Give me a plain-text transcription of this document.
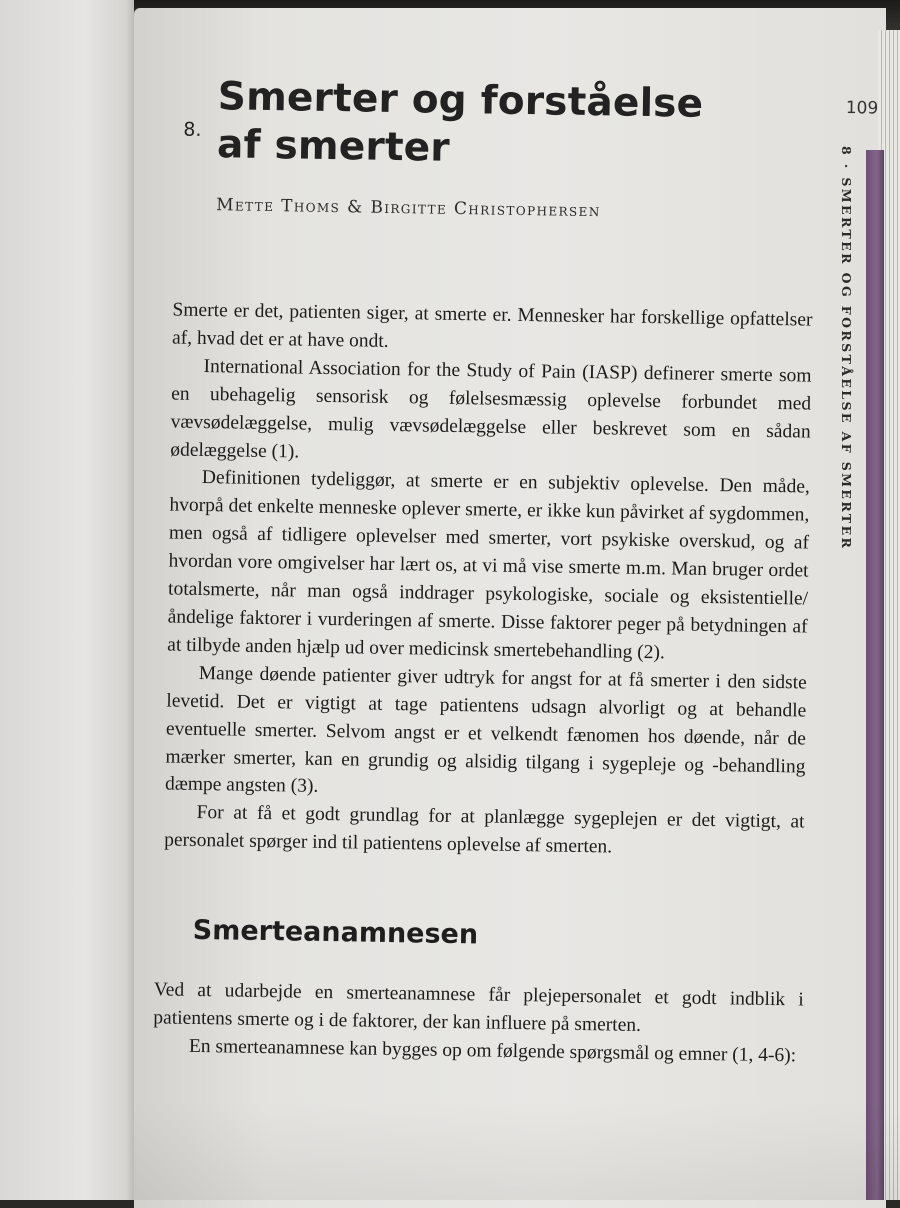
8.
Smerter og forståelse af smerter
109
Mette Thoms & Birgitte Christophersen

Smerte er det, patienten siger, at smerte er. Mennesker har forskellige opfattelser af, hvad det er at have ondt.

International Association for the Study of Pain (IASP) definerer smerte som en ubehagelig sensorisk og følelsesmæssig oplevelse forbundet med vævsødelæggelse, mulig vævsødelæggelse eller beskrevet som en sådan ødelæggelse (1).

Definitionen tydeliggør, at smerte er en subjektiv oplevelse. Den måde, hvorpå det enkelte menneske oplever smerte, er ikke kun påvirket af sygdommen, men også af tidligere oplevelser med smerter, vort psykiske overskud, og af hvordan vore omgivelser har lært os, at vi må vise smerte m.m. Man bruger ordet totalsmerte, når man også inddrager psykologiske, sociale og eksistentielle/åndelige faktorer i vurderingen af smerte. Disse faktorer peger på betydningen af at tilbyde anden hjælp ud over medicinsk smertebehandling (2).

Mange døende patienter giver udtryk for angst for at få smerter i den sidste levetid. Det er vigtigt at tage patientens udsagn alvorligt og at behandle eventuelle smerter. Selvom angst er et velkendt fænomen hos døende, når de mærker smerter, kan en grundig og alsidig tilgang i sygepleje og -behandling dæmpe angsten (3).

For at få et godt grundlag for at planlægge sygeplejen er det vigtigt, at personalet spørger ind til patientens oplevelse af smerten.

Smerteanamnesen

Ved at udarbejde en smerteanamnese får plejepersonalet et godt indblik i patientens smerte og i de faktorer, der kan influere på smerten.

En smerteanamnese kan bygges op om følgende spørgsmål og emner (1, 4-6):

8 · SMERTER OG FORSTÅELSE AF SMERTER
